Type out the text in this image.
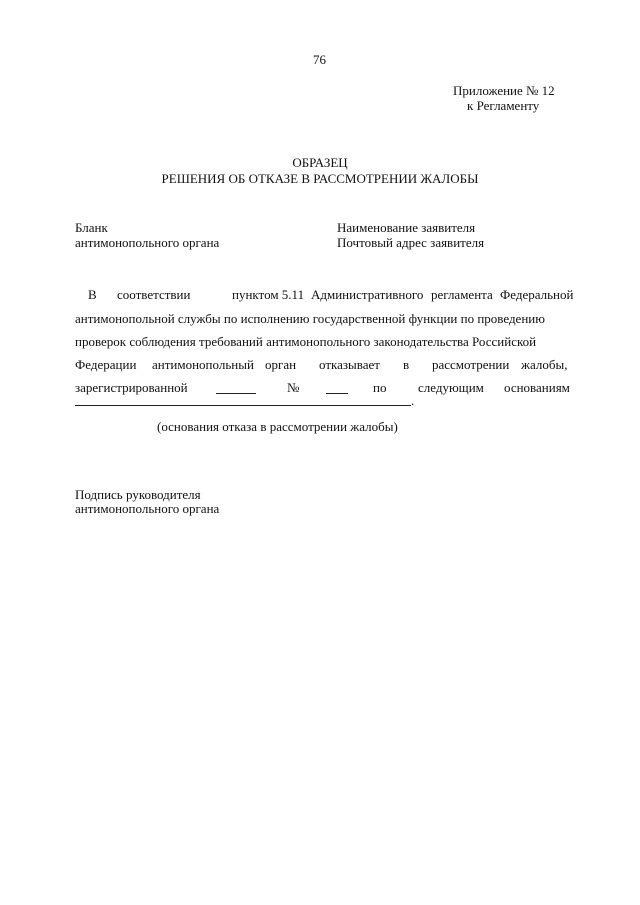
76
Приложение № 12
к Регламенту
ОБРАЗЕЦ
РЕШЕНИЯ ОБ ОТКАЗЕ В РАССМОТРЕНИИ ЖАЛОБЫ
Бланк
антимонопольного органа
Наименование заявителя
Почтовый адрес заявителя
В соответствии	пунктом 5.11 Административного регламента Федеральной
антимонопольной службы по исполнению государственной функции по проведению
проверок соблюдения требований антимонопольного законодательства Российской
Федерации антимонопольный орган отказывает в рассмотрении жалобы,
зарегистрированной	№	по следующим основаниям
.
(основания отказа в рассмотрении жалобы)
Подпись руководителя
антимонопольного органа
